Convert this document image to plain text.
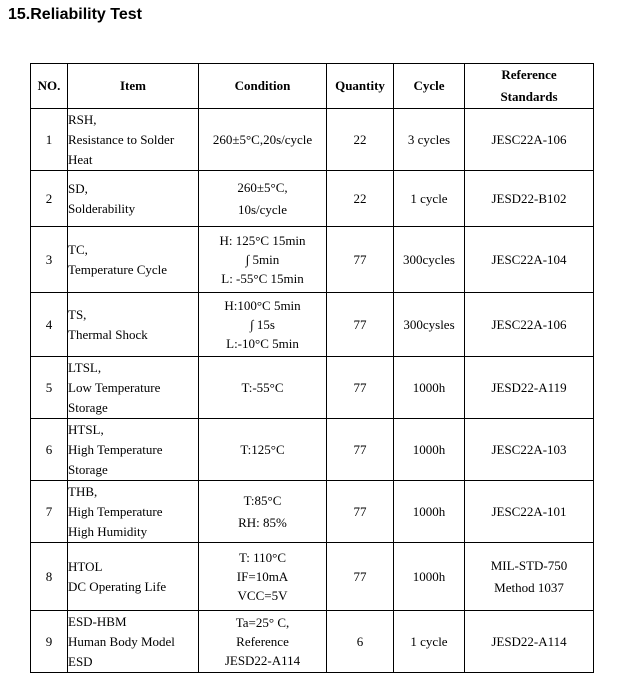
15.Reliability Test
NO.	Item	Condition	Quantity	Cycle	Reference
Standards

1	RSH,
Resistance to Solder
Heat	260±5°C,20s/cycle	22	3 cycles	JESC22A-106

2	SD,
Solderability	260±5°C,
10s/cycle	22	1 cycle	JESD22-B102

3	TC,
Temperature Cycle	H: 125°C 15min
∫ 5min
L: -55°C 15min	77	300cycles	JESC22A-104

4	TS,
Thermal Shock	H:100°C 5min
∫ 15s
L:-10°C 5min	77	300cysles	JESC22A-106

5	LTSL,
Low Temperature
Storage	T:-55°C	77	1000h	JESD22-A119

6	HTSL,
High Temperature
Storage	T:125°C	77	1000h	JESC22A-103

7	THB,
High Temperature
High Humidity	T:85°C
RH: 85%	77	1000h	JESC22A-101

8	HTOL
DC Operating Life	T: 110°C
IF=10mA
VCC=5V	77	1000h	MIL-STD-750
Method 1037

9	ESD-HBM
Human Body Model
ESD	Ta=25° C,
Reference
JESD22-A114	6	1 cycle	JESD22-A114
